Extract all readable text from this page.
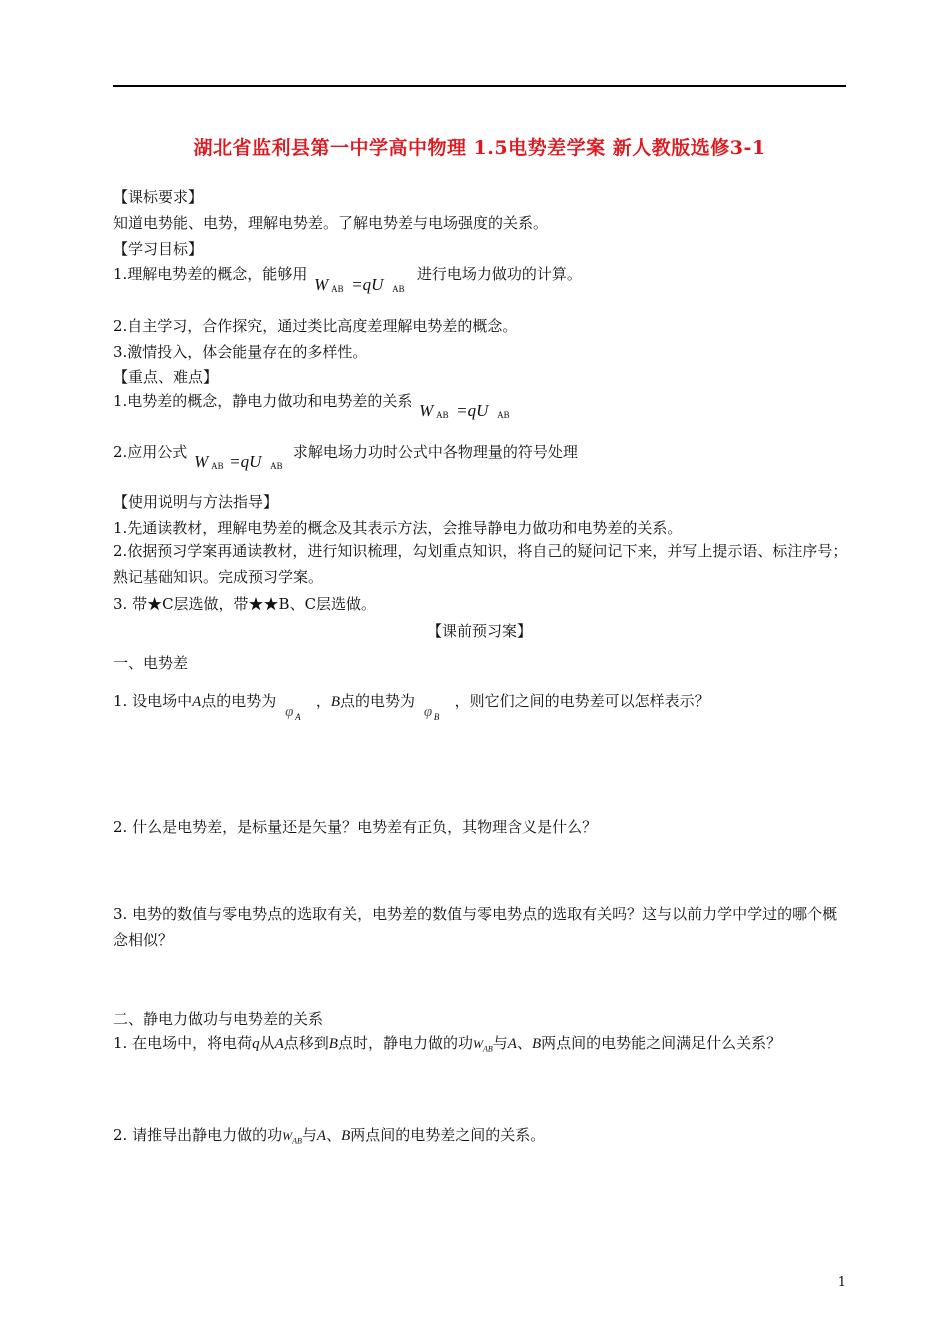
湖北省监利县第一中学高中物理 1.5电势差学案 新人教版选修3-1
【课标要求】
知道电势能、电势，理解电势差。了解电势差与电场强度的关系。
【学习目标】
1.理解电势差的概念，能够用
W AB =qU AB
进行电场力做功的计算。
2.自主学习，合作探究，通过类比高度差理解电势差的概念。
3.激情投入，体会能量存在的多样性。
【重点、难点】
1.电势差的概念，静电力做功和电势差的关系 W AB =qU AB
2.应用公式 W AB =qU AB
求解电场力功时公式中各物理量的符号处理
【使用说明与方法指导】
1.先通读教材，理解电势差的概念及其表示方法，会推导静电力做功和电势差的关系。
2.依据预习学案再通读教材，进行知识梳理，勾划重点知识，将自己的疑问记下来，并写上提示语、标注序号；熟记基础知识。完成预习学案。
3. 带★C层选做，带★★B、C层选做。
【课前预习案】
一、电势差
1. 设电场中A点的电势为
φ A
，B点的电势为
φ B
，则它们之间的电势差可以怎样表示？
2. 什么是电势差，是标量还是矢量？电势差有正负，其物理含义是什么？
3. 电势的数值与零电势点的选取有关，电势差的数值与零电势点的选取有关吗？这与以前力学中学过的哪个概念相似？
二、静电力做功与电势差的关系
1. 在电场中，将电荷q从A点移到B点时，静电力做的功$W_{AB}$与A、B两点间的电势能之间满足什么关系？
2. 请推导出静电力做的功$W_{AB}$与A、B两点间的电势差之间的关系。
1
